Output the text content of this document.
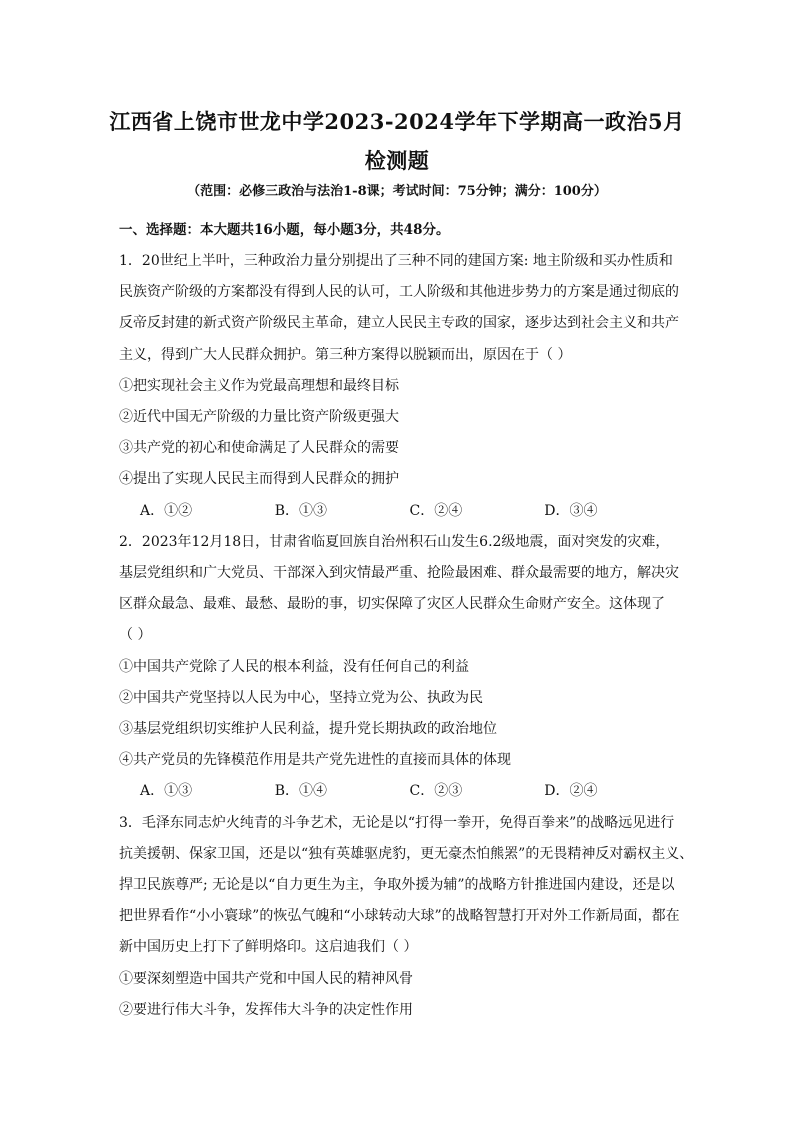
江西省上饶市世龙中学2023-2024学年下学期高一政治5月
检测题
（范围：必修三政治与法治1-8课；考试时间：75分钟；满分：100分）
一、选择题：本大题共16小题，每小题3分，共48分。
1．20世纪上半叶，三种政治力量分别提出了三种不同的建国方案: 地主阶级和买办性质和
民族资产阶级的方案都没有得到人民的认可，工人阶级和其他进步势力的方案是通过彻底的
反帝反封建的新式资产阶级民主革命，建立人民民主专政的国家，逐步达到社会主义和共产
主义，得到广大人民群众拥护。第三种方案得以脱颖而出，原因在于（ ）
①把实现社会主义作为党最高理想和最终目标
②近代中国无产阶级的力量比资产阶级更强大
③共产党的初心和使命满足了人民群众的需要
④提出了实现人民民主而得到人民群众的拥护
A．①②	B．①③	C．②④	D．③④
2．2023年12月18日，甘肃省临夏回族自治州积石山发生6.2级地震，面对突发的灾难，
基层党组织和广大党员、干部深入到灾情最严重、抢险最困难、群众最需要的地方，解决灾
区群众最急、最难、最愁、最盼的事，切实保障了灾区人民群众生命财产安全。这体现了
（ ）
①中国共产党除了人民的根本利益，没有任何自己的利益
②中国共产党坚持以人民为中心，坚持立党为公、执政为民
③基层党组织切实维护人民利益，提升党长期执政的政治地位
④共产党员的先锋模范作用是共产党先进性的直接而具体的体现
A．①③	B．①④	C．②③	D．②④
3．毛泽东同志炉火纯青的斗争艺术，无论是以“打得一拳开，免得百拳来”的战略远见进行
抗美援朝、保家卫国，还是以“独有英雄驱虎豹，更无豪杰怕熊罴”的无畏精神反对霸权主义、
捍卫民族尊严; 无论是以“自力更生为主，争取外援为辅”的战略方针推进国内建设，还是以
把世界看作“小小寰球”的恢弘气魄和“小球转动大球”的战略智慧打开对外工作新局面，都在
新中国历史上打下了鲜明烙印。这启迪我们（ ）
①要深刻塑造中国共产党和中国人民的精神风骨
②要进行伟大斗争，发挥伟大斗争的决定性作用
